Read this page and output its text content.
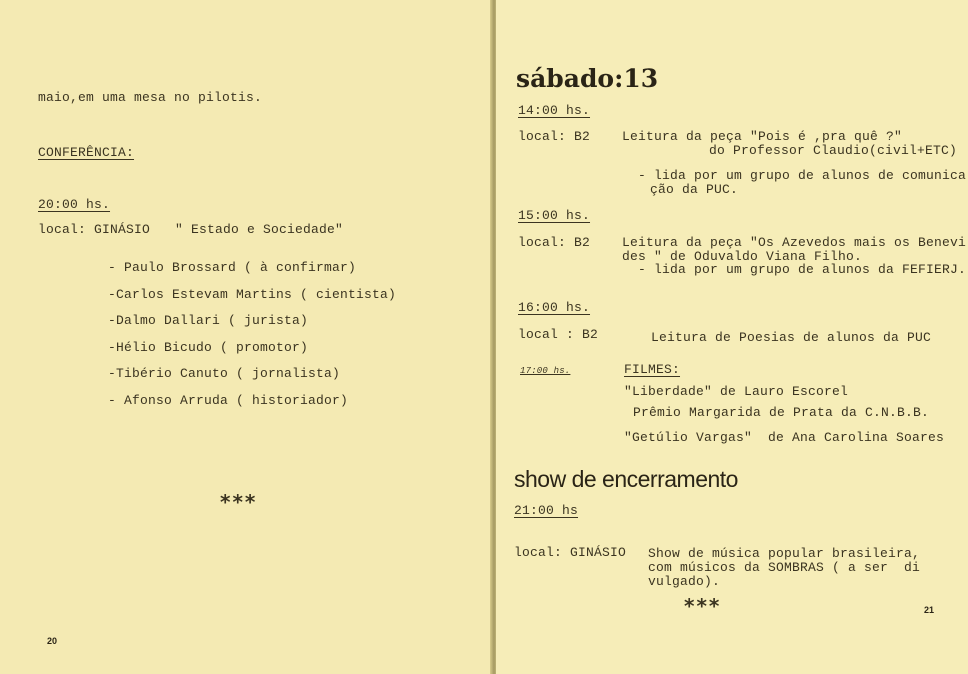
maio,em uma mesa no pilotis.
CONFERÊNCIA:
20:00 hs.
local: GINÁSIO " Estado e Sociedade"
- Paulo Brossard ( à confirmar)
-Carlos Estevam Martins ( cientista)
-Dalmo Dallari ( jurista)
-Hélio Bicudo ( promotor)
-Tibério Canuto ( jornalista)
- Afonso Arruda ( historiador)
***
20
sábado:13
14:00 hs.
local: B2 Leitura da peça "Pois é ,pra quê ?"
do Professor Claudio(civil+ETC)
- lida por um grupo de alunos de comunica
ção da PUC.
15:00 hs.
local: B2 Leitura da peça "Os Azevedos mais os Benevi
des " de Oduvaldo Viana Filho.
- lida por um grupo de alunos da FEFIERJ.
16:00 hs.
local : B2	Leitura de Poesias de alunos da PUC
17:00 hs.	FILMES:
"Liberdade" de Lauro Escorel
Prêmio Margarida de Prata da C.N.B.B.
"Getúlio Vargas"  de Ana Carolina Soares
show de encerramento
21:00 hs
local: GINÁSIO Show de música popular brasileira,
com músicos da SOMBRAS ( a ser  di
vulgado).
***	21
